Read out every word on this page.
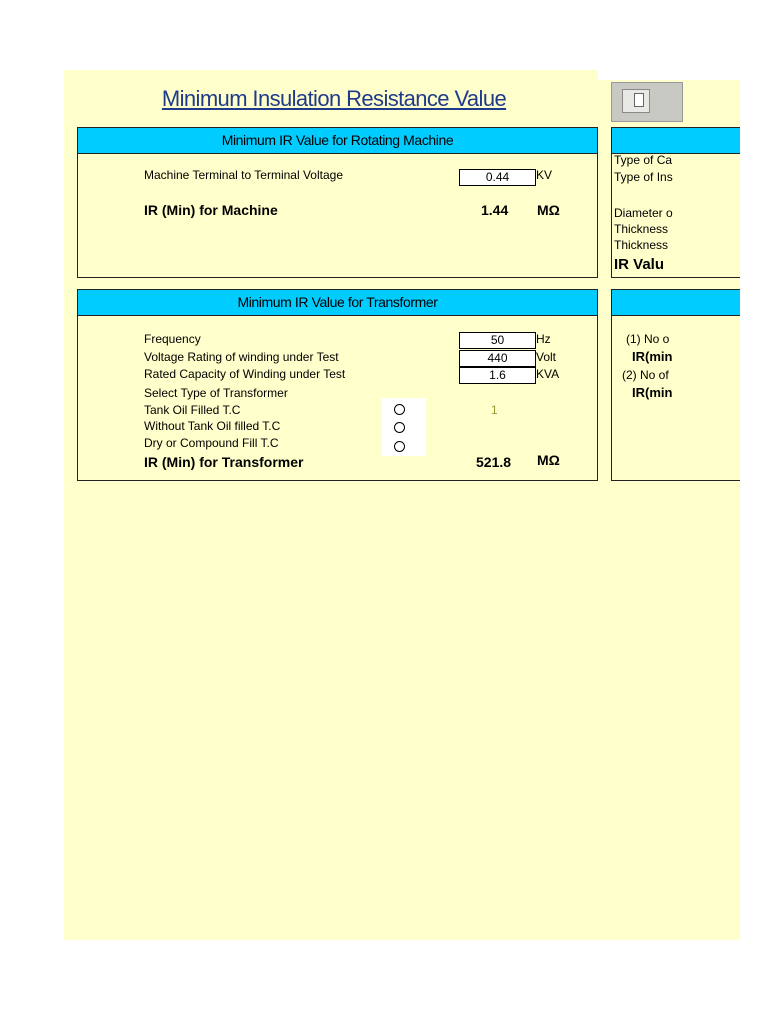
Minimum Insulation Resistance Value
Minimum IR Value for Rotating Machine
Machine Terminal to Terminal Voltage	0.44	KV
IR (Min) for Machine	1.44 MΩ
Type of Ca
Type of Ins
Diameter o
Thickness
Thickness
IR Valu
Minimum IR Value for Transformer
Frequency	50	Hz
Voltage Rating of winding under Test	440	Volt
Rated Capacity of Winding under Test	1.6	KVA
Select Type of Transformer
Tank Oil Filled T.C
Without Tank Oil filled T.C
Dry or Compound Fill T.C
1
IR (Min) for Transformer	521.8 MΩ
(1) No o
IR(min
(2) No of
IR(min
